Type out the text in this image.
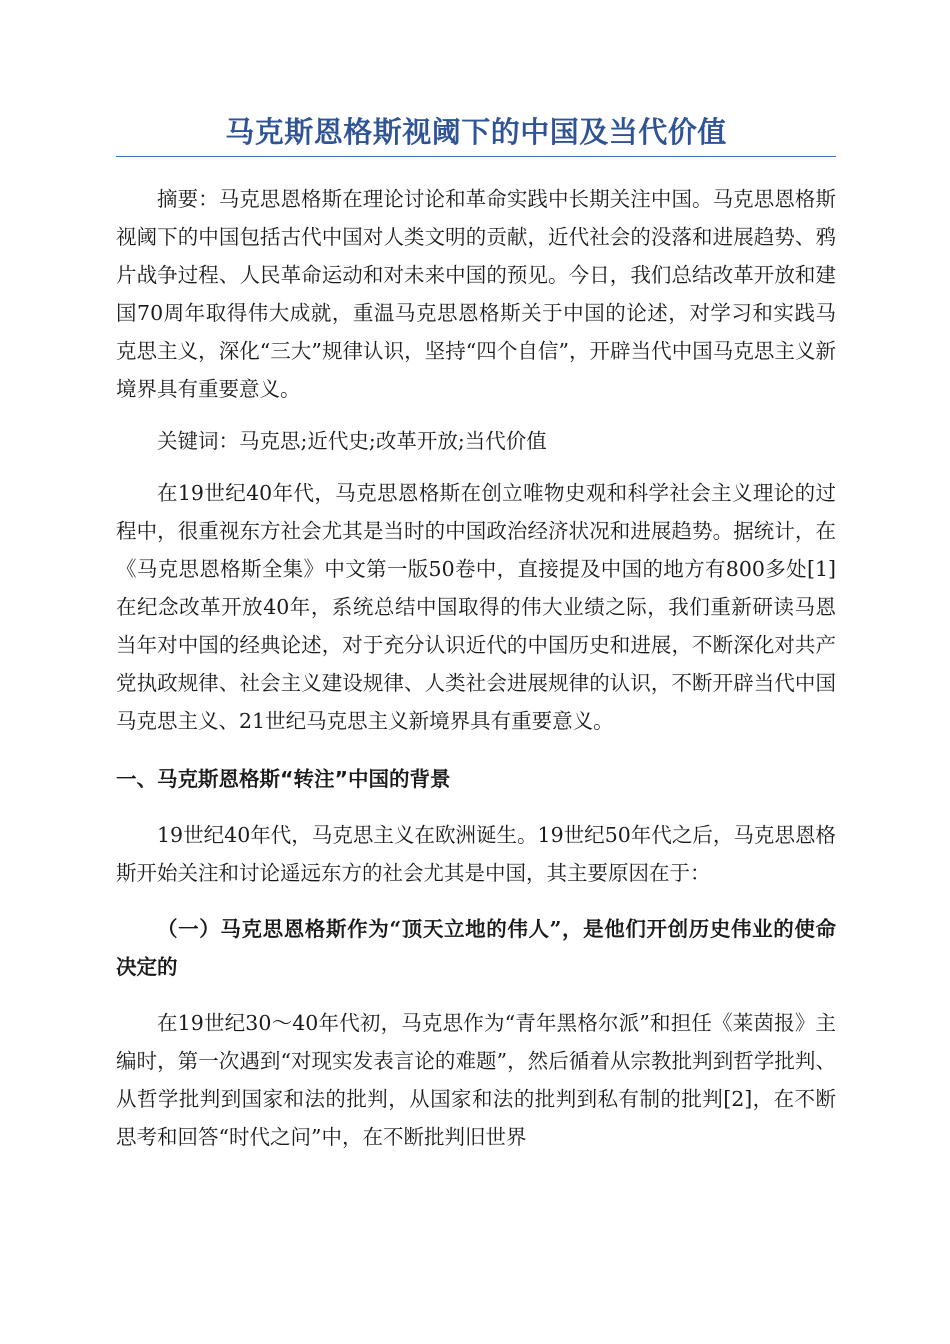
马克斯恩格斯视阈下的中国及当代价值

摘要：马克思恩格斯在理论讨论和革命实践中长期关注中国。马克思恩格斯视阈下的中国包括古代中国对人类文明的贡献，近代社会的没落和进展趋势、鸦片战争过程、人民革命运动和对未来中国的预见。今日，我们总结改革开放和建国70周年取得伟大成就，重温马克思恩格斯关于中国的论述，对学习和实践马克思主义，深化“三大”规律认识，坚持“四个自信”，开辟当代中国马克思主义新境界具有重要意义。

关键词：马克思;近代史;改革开放;当代价值

在19世纪40年代，马克思恩格斯在创立唯物史观和科学社会主义理论的过程中，很重视东方社会尤其是当时的中国政治经济状况和进展趋势。据统计，在《马克思恩格斯全集》中文第一版50卷中，直接提及中国的地方有800多处[1]在纪念改革开放40年，系统总结中国取得的伟大业绩之际，我们重新研读马恩当年对中国的经典论述，对于充分认识近代的中国历史和进展，不断深化对共产党执政规律、社会主义建设规律、人类社会进展规律的认识，不断开辟当代中国马克思主义、21世纪马克思主义新境界具有重要意义。

一、马克斯恩格斯“转注”中国的背景

19世纪40年代，马克思主义在欧洲诞生。19世纪50年代之后，马克思恩格斯开始关注和讨论遥远东方的社会尤其是中国，其主要原因在于：

（一）马克思恩格斯作为“顶天立地的伟人”，是他们开创历史伟业的使命决定的

在19世纪30～40年代初，马克思作为“青年黑格尔派”和担任《莱茵报》主编时，第一次遇到“对现实发表言论的难题”，然后循着从宗教批判到哲学批判、从哲学批判到国家和法的批判，从国家和法的批判到私有制的批判[2]，在不断思考和回答“时代之问”中，在不断批判旧世界
